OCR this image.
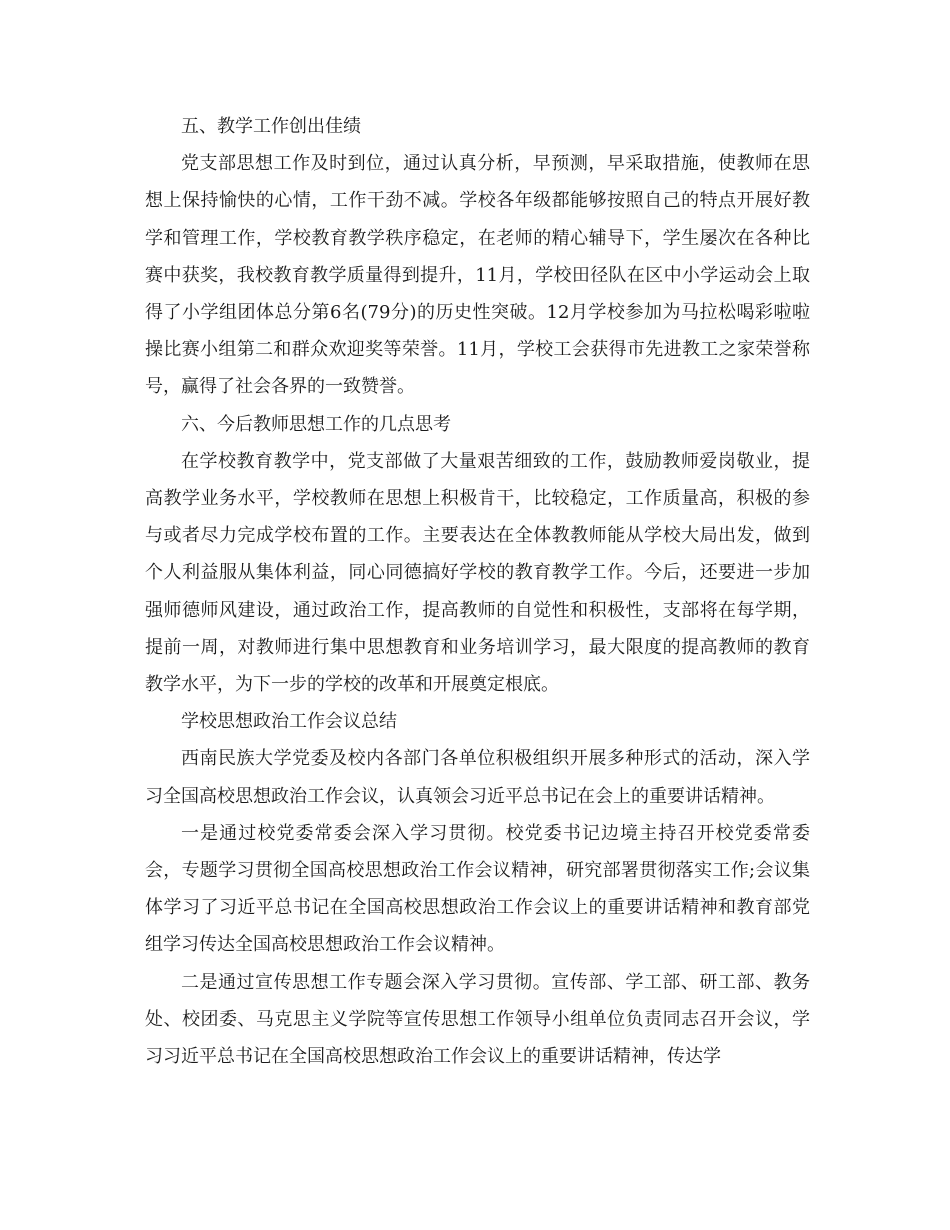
五、教学工作创出佳绩

党支部思想工作及时到位，通过认真分析，早预测，早采取措施，使教师在思想上保持愉快的心情，工作干劲不减。学校各年级都能够按照自己的特点开展好教学和管理工作，学校教育教学秩序稳定，在老师的精心辅导下，学生屡次在各种比赛中获奖，我校教育教学质量得到提升，11月，学校田径队在区中小学运动会上取得了小学组团体总分第6名(79分)的历史性突破。12月学校参加为马拉松喝彩啦啦操比赛小组第二和群众欢迎奖等荣誉。11月，学校工会获得市先进教工之家荣誉称号，赢得了社会各界的一致赞誉。

六、今后教师思想工作的几点思考

在学校教育教学中，党支部做了大量艰苦细致的工作，鼓励教师爱岗敬业，提高教学业务水平，学校教师在思想上积极肯干，比较稳定，工作质量高，积极的参与或者尽力完成学校布置的工作。主要表达在全体教教师能从学校大局出发，做到个人利益服从集体利益，同心同德搞好学校的教育教学工作。今后，还要进一步加强师德师风建设，通过政治工作，提高教师的自觉性和积极性，支部将在每学期，提前一周，对教师进行集中思想教育和业务培训学习，最大限度的提高教师的教育教学水平，为下一步的学校的改革和开展奠定根底。

学校思想政治工作会议总结

西南民族大学党委及校内各部门各单位积极组织开展多种形式的活动，深入学习全国高校思想政治工作会议，认真领会习近平总书记在会上的重要讲话精神。

一是通过校党委常委会深入学习贯彻。校党委书记边境主持召开校党委常委会，专题学习贯彻全国高校思想政治工作会议精神，研究部署贯彻落实工作;会议集体学习了习近平总书记在全国高校思想政治工作会议上的重要讲话精神和教育部党组学习传达全国高校思想政治工作会议精神。

二是通过宣传思想工作专题会深入学习贯彻。宣传部、学工部、研工部、教务处、校团委、马克思主义学院等宣传思想工作领导小组单位负责同志召开会议，学习习近平总书记在全国高校思想政治工作会议上的重要讲话精神，传达学
